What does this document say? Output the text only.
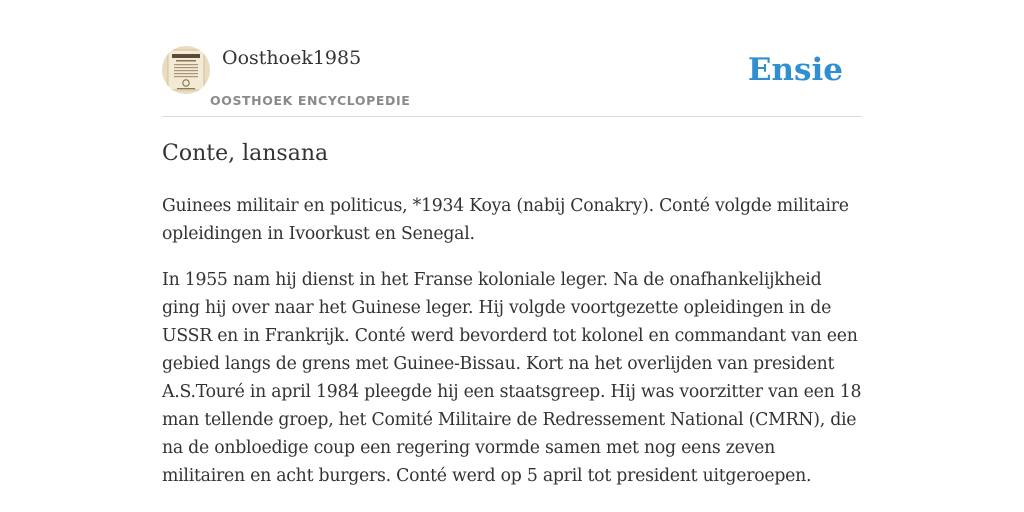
Oosthoek1985
OOSTHOEK ENCYCLOPEDIE
Ensie
Conte, lansana

Guinees militair en politicus, *1934 Koya (nabij Conakry). Conté volgde militaire opleidingen in Ivoorkust en Senegal.

In 1955 nam hij dienst in het Franse koloniale leger. Na de onafhankelijkheid ging hij over naar het Guinese leger. Hij volgde voortgezette opleidingen in de USSR en in Frankrijk. Conté werd bevorderd tot kolonel en commandant van een gebied langs de grens met Guinee-Bissau. Kort na het overlijden van president A.S.Touré in april 1984 pleegde hij een staatsgreep. Hij was voorzitter van een 18 man tellende groep, het Comité Militaire de Redressement National (CMRN), die na de onbloedige coup een regering vormde samen met nog eens zeven militairen en acht burgers. Conté werd op 5 april tot president uitgeroepen.
